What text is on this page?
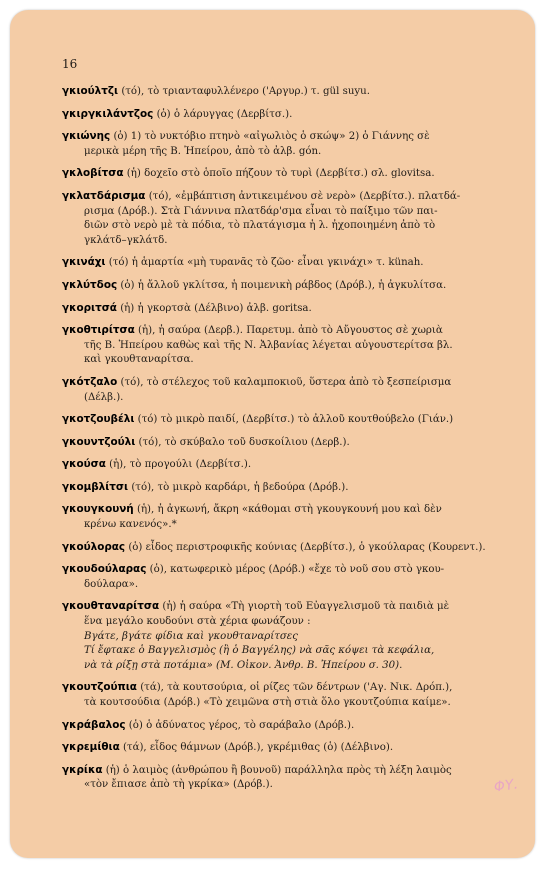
16
γκιούλτζι (τό), τὸ τριανταφυλλένερο ('Αργυρ.) τ. gül suyu.
γκιργκιλάντζος (ὁ) ὁ λάρυγγας (Δερβίτσ.).
γκιώνης (ὁ) 1) τὸ νυκτόβιο πτηνὸ «αἰγωλιὸς ὁ σκώψ» 2) ὁ Γιάννης σὲ
μερικὰ μέρη τῆς Β. Ἠπείρου, ἀπὸ τὸ ἀλβ. gón.
γκλοβίτσα (ἡ) δοχεῖο στὸ ὁποῖο πήζουν τὸ τυρὶ (Δερβίτσ.) σλ. glovitsa.
γκλατδάρισμα (τό), «ἐμβάπτιση ἀντικειμένου σὲ νερὸ» (Δερβίτσ.). πλατδά-
ρισμα (Δρόβ.). Στὰ Γιάννινα πλατδάρ'σμα εἶναι τὸ παίξιμο τῶν παι-
διῶν στὸ νερὸ μὲ τὰ πόδια, τὸ πλατάγισμα ἡ λ. ἠχοποιημένη ἀπὸ τὸ
γκλάτδ–γκλάτδ.
γκινάχι (τό) ἡ ἁμαρτία «μὴ τυρανᾶς τὸ ζῶο· εἶναι γκινάχι» τ. künah.
γκλύτδος (ὁ) ἡ ἄλλοῦ γκλίτσα, ἡ ποιμενικὴ ράβδος (Δρόβ.), ἡ ἀγκυλίτσα.
γκοριτσά (ἡ) ἡ γκορτσὰ (Δέλβινο) ἀλβ. goritsa.
γκοθτιρίτσα (ἡ), ἡ σαύρα (Δερβ.). Παρετυμ. ἀπὸ τὸ Αὔγουστος σὲ χωριὰ
τῆς Β. Ἠπείρου καθὼς καὶ τῆς Ν. Ἀλβανίας λέγεται αὐγουστερίτσα βλ.
καὶ γκουθταναρίτσα.
γκότζαλο (τό), τὸ στέλεχος τοῦ καλαμποκιοῦ, ὕστερα ἀπὸ τὸ ξεσπείρισμα
(Δέλβ.).
γκοτζουβέλι (τό) τὸ μικρὸ παιδί, (Δερβίτσ.) τὸ ἀλλοῦ κουτθούβελο (Γιάν.)
γκουντζούλι (τό), τὸ σκύβαλο τοῦ δυσκοίλιου (Δερβ.).
γκούσα (ἡ), τὸ προγούλι (Δερβίτσ.).
γκομβλίτσι (τό), τὸ μικρὸ καρδάρι, ἡ βεδούρα (Δρόβ.).
γκουγκουνή (ἡ), ἡ ἀγκωνή, ἄκρη «κάθομαι στὴ γκουγκουνή μου καὶ δὲν
κρένω κανενός».*
γκούλορας (ὁ) εἶδος περιστροφικῆς κούνιας (Δερβίτσ.), ὁ γκούλαρας (Κουρεντ.).
γκουδούλαρας (ὁ), κατωφερικὸ μέρος (Δρόβ.) «ἔχε τὸ νοῦ σου στὸ γκου-
δούλαρα».
γκουθταναρίτσα (ἡ) ἡ σαύρα «Τὴ γιορτὴ τοῦ Εὐαγγελισμοῦ τὰ παιδιὰ μὲ
ἕνα μεγάλο κουδούνι στὰ χέρια φωνάζουν :
Βγάτε, βγάτε φίδια καὶ γκουθταναρίτσες
Τί ἔφτακε ὁ Βαγγελισμὸς (ἢ ὁ Βαγγέλης) νὰ σᾶς κόψει τὰ κεφάλια,
νὰ τὰ ρίξῃ στὰ ποτάμια» (Μ. Οἰκον. Ἀνθρ. Β. Ἠπείρου σ. 30).
γκουτζούπια (τά), τὰ κουτσούρια, οἱ ρίζες τῶν δέντρων ('Αγ. Νικ. Δρόπ.),
τὰ κουτσούδια (Δρόβ.) «Τὸ χειμῶνα στὴ στιὰ ὅλο γκουτζούπια καίμε».
γκράβαλος (ὁ) ὁ ἀδύνατος γέρος, τὸ σαράβαλο (Δρόβ.).
γκρεμίθια (τά), εἶδος θάμνων (Δρόβ.), γκρέμιθας (ὁ) (Δέλβινο).
γκρίκα (ἡ) ὁ λαιμὸς (ἀνθρώπου ἢ βουνοῦ) παράλληλα πρὸς τὴ λέξη λαιμὸς
«τὸν ἔπιασε ἀπὸ τὴ γκρίκα» (Δρόβ.).	ΦΥ.
